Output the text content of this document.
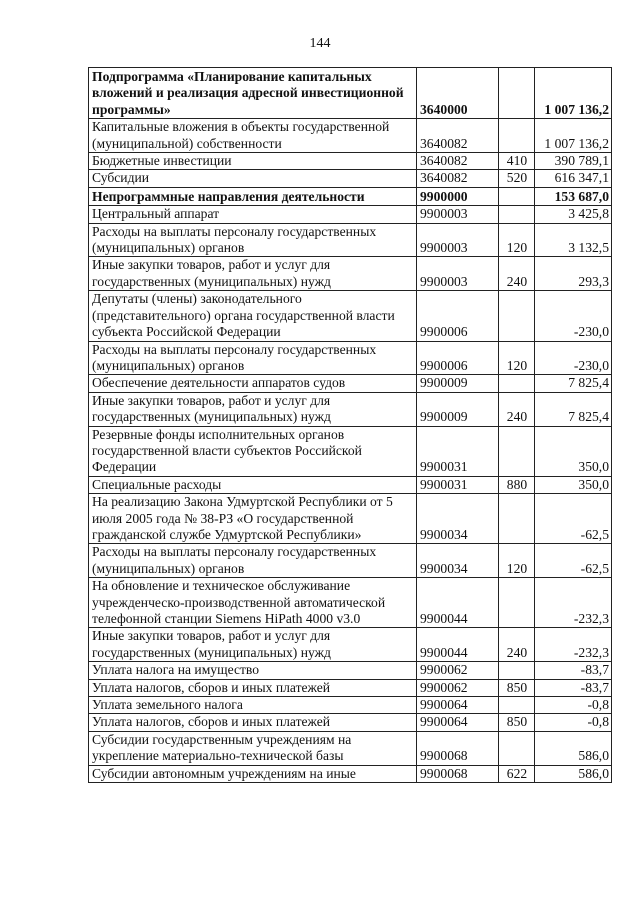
144
Подпрограмма «Планирование капитальных вложений и реализация адресной инвестиционной программы»	3640000		1 007 136,2
Капитальные вложения в объекты государственной (муниципальной) собственности	3640082		1 007 136,2
Бюджетные инвестиции	3640082	410	390 789,1
Субсидии	3640082	520	616 347,1
Непрограммные направления деятельности	9900000		153 687,0
Центральный аппарат	9900003		3 425,8
Расходы на выплаты персоналу государственных (муниципальных) органов	9900003	120	3 132,5
Иные закупки товаров, работ и услуг для государственных (муниципальных) нужд	9900003	240	293,3
Депутаты (члены) законодательного (представительного) органа государственной власти субъекта Российской Федерации	9900006		-230,0
Расходы на выплаты персоналу государственных (муниципальных) органов	9900006	120	-230,0
Обеспечение деятельности аппаратов судов	9900009		7 825,4
Иные закупки товаров, работ и услуг для государственных (муниципальных) нужд	9900009	240	7 825,4
Резервные фонды исполнительных органов государственной власти субъектов Российской Федерации	9900031		350,0
Специальные расходы	9900031	880	350,0
На реализацию Закона Удмуртской Республики от 5 июля 2005 года № 38-РЗ «О государственной гражданской службе Удмуртской Республики»	9900034		-62,5
Расходы на выплаты персоналу государственных (муниципальных) органов	9900034	120	-62,5
На обновление и техническое обслуживание учрежденческо-производственной автоматической телефонной станции Siemens HiPath 4000 v3.0	9900044		-232,3
Иные закупки товаров, работ и услуг для государственных (муниципальных) нужд	9900044	240	-232,3
Уплата налога на имущество	9900062		-83,7
Уплата налогов, сборов и иных платежей	9900062	850	-83,7
Уплата земельного налога	9900064		-0,8
Уплата налогов, сборов и иных платежей	9900064	850	-0,8
Субсидии государственным учреждениям на укрепление материально-технической базы	9900068		586,0
Субсидии автономным учреждениям на иные	9900068	622	586,0
